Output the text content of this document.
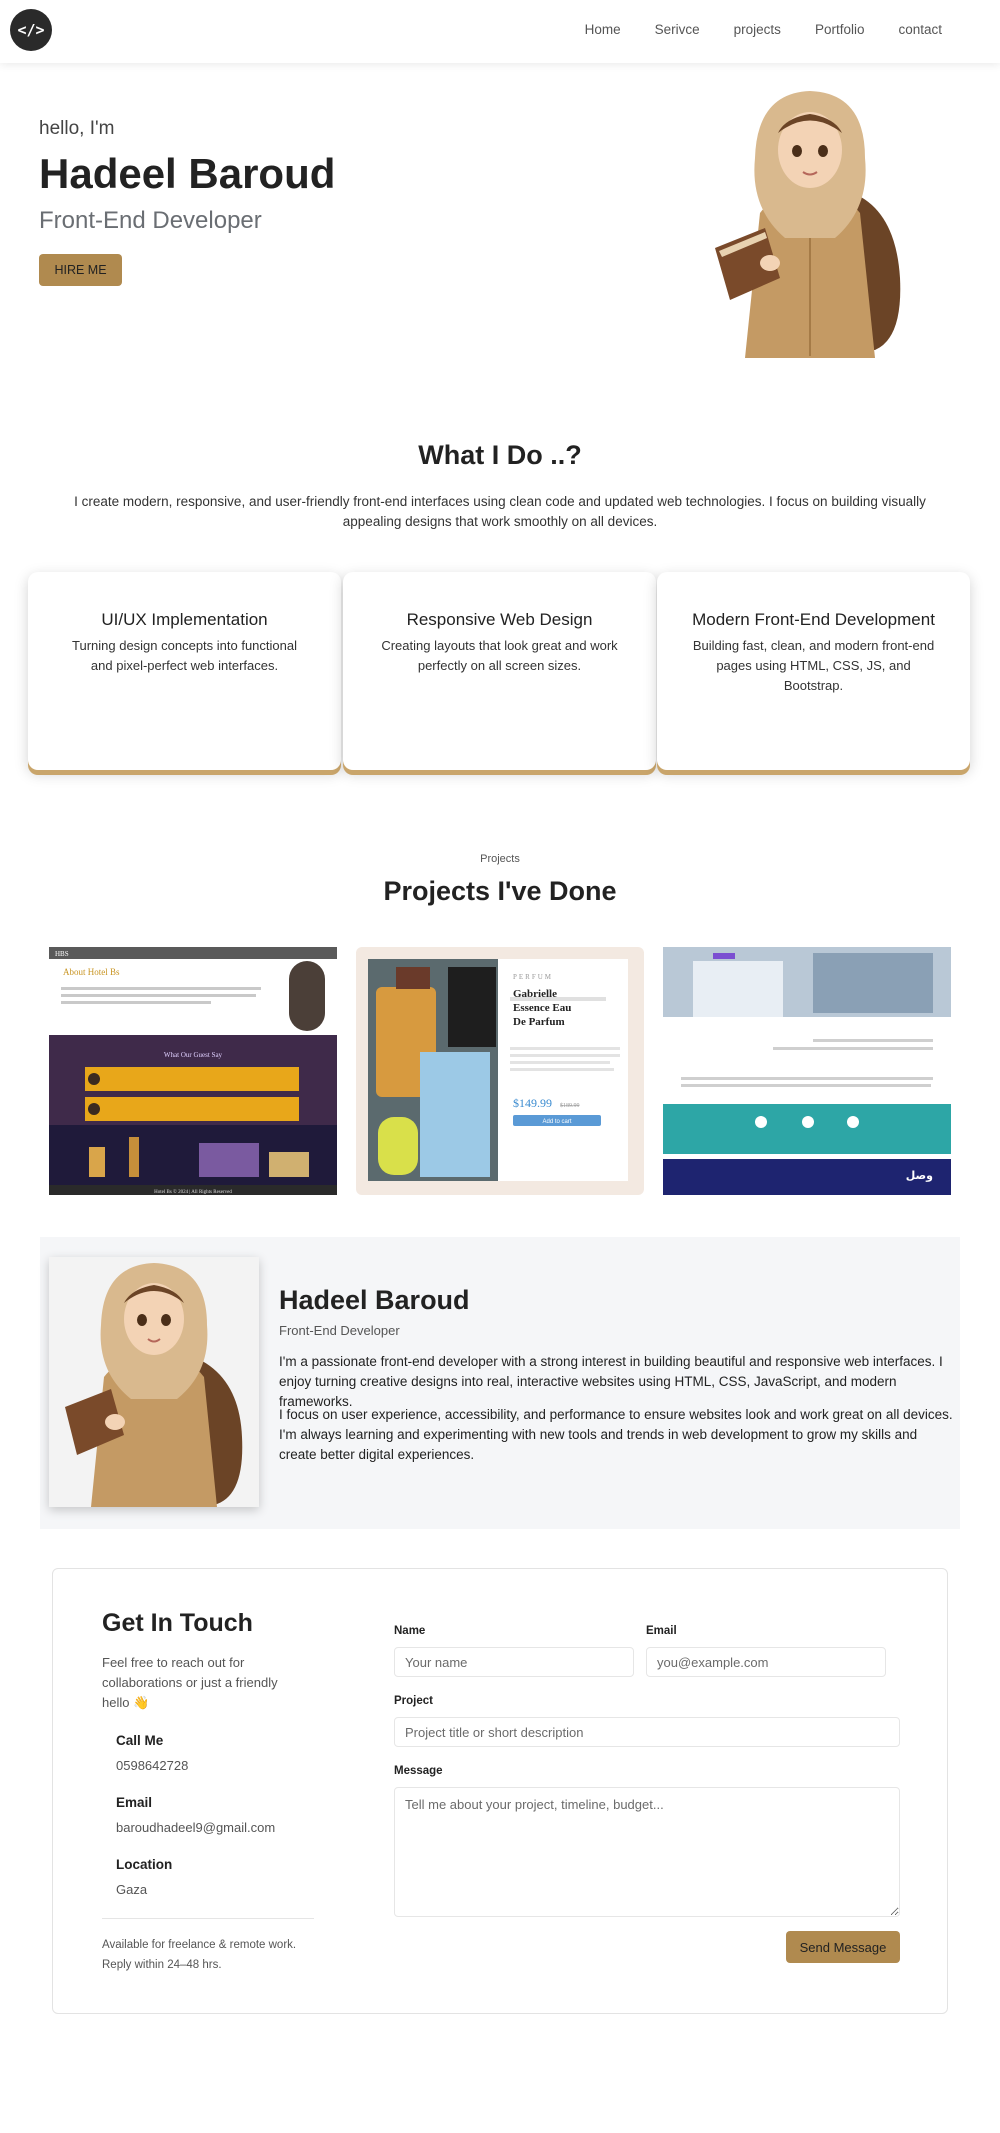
</>	Home	Serivce	projects	Portfolio	contact
hello, I'm
Hadeel Baroud
Front-End Developer
HIRE ME
What I Do ..?

I create modern, responsive, and user-friendly front-end interfaces using clean code and updated web technologies. I focus on building visually appealing designs that work smoothly on all devices.

UI/UX Implementation

Turning design concepts into functional and pixel-perfect web interfaces.

Responsive Web Design

Creating layouts that look great and work perfectly on all screen sizes.

Modern Front-End Development

Building fast, clean, and modern front-end pages using HTML, CSS, JS, and Bootstrap.

Projects
Projects I've Done
HBS
About Hotel Bs
What Our Guest Say
Hotel Bs © 2024 | All Rights Reserved
PERFUM
Gabrielle Essence Eau De Parfum
$149.99 $189.99
Add to cart
وصل
Hadeel Baroud
Front-End Developer

I'm a passionate front-end developer with a strong interest in building beautiful and responsive web interfaces. I enjoy turning creative designs into real, interactive websites using HTML, CSS, JavaScript, and modern frameworks.

I focus on user experience, accessibility, and performance to ensure websites look and work great on all devices. I'm always learning and experimenting with new tools and trends in web development to grow my skills and create better digital experiences.

Get In Touch

Feel free to reach out for collaborations or just a friendly hello 👋

Call Me
0598642728
Email
baroudhadeel9@gmail.com
Location
Gaza

Available for freelance & remote work. Reply within 24–48 hrs.

Name
Your name	Email
you@example.com
Project
Project title or short description
Message
Tell me about your project, timeline, budget...
Send Message
